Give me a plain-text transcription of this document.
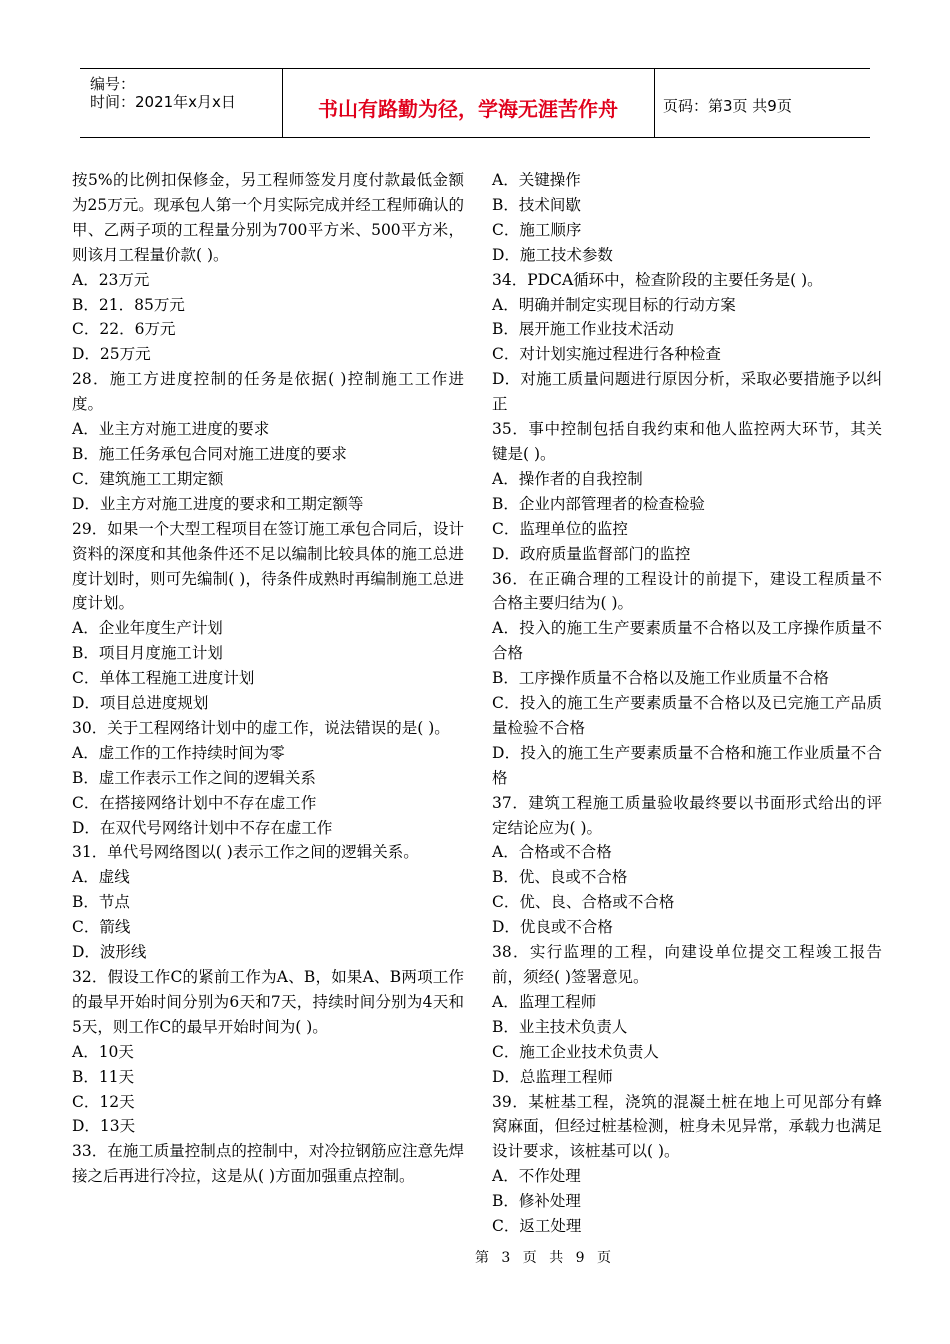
编号：
时间：2021年x月x日	书山有路勤为径，学海无涯苦作舟	页码：第3页 共9页

按5%的比例扣保修金，另工程师签发月度付款最低金额为25万元。现承包人第一个月实际完成并经工程师确认的甲、乙两子项的工程量分别为700平方米、500平方米，则该月工程量价款( )。

A．23万元

B．21．85万元

C．22．6万元

D．25万元

28．施工方进度控制的任务是依据( )控制施工工作进度。

A．业主方对施工进度的要求

B．施工任务承包合同对施工进度的要求

C．建筑施工工期定额

D．业主方对施工进度的要求和工期定额等

29．如果一个大型工程项目在签订施工承包合同后，设计资料的深度和其他条件还不足以编制比较具体的施工总进度计划时，则可先编制( )，待条件成熟时再编制施工总进度计划。

A．企业年度生产计划

B．项目月度施工计划

C．单体工程施工进度计划

D．项目总进度规划

30．关于工程网络计划中的虚工作，说法错误的是( )。

A．虚工作的工作持续时间为零

B．虚工作表示工作之间的逻辑关系

C．在搭接网络计划中不存在虚工作

D．在双代号网络计划中不存在虚工作

31．单代号网络图以( )表示工作之间的逻辑关系。

A．虚线

B．节点

C．箭线

D．波形线

32．假设工作C的紧前工作为A、B，如果A、B两项工作的最早开始时间分别为6天和7天，持续时间分别为4天和5天，则工作C的最早开始时间为( )。

A．10天

B．11天

C．12天

D．13天

33．在施工质量控制点的控制中，对冷拉钢筋应注意先焊接之后再进行冷拉，这是从( )方面加强重点控制。

A．关键操作

B．技术间歇

C．施工顺序

D．施工技术参数

34．PDCA循环中，检查阶段的主要任务是( )。

A．明确并制定实现目标的行动方案

B．展开施工作业技术活动

C．对计划实施过程进行各种检查

D．对施工质量问题进行原因分析，采取必要措施予以纠正

35．事中控制包括自我约束和他人监控两大环节，其关键是( )。

A．操作者的自我控制

B．企业内部管理者的检查检验

C．监理单位的监控

D．政府质量监督部门的监控

36．在正确合理的工程设计的前提下，建设工程质量不合格主要归结为( )。

A．投入的施工生产要素质量不合格以及工序操作质量不合格

B．工序操作质量不合格以及施工作业质量不合格

C．投入的施工生产要素质量不合格以及已完施工产品质量检验不合格

D．投入的施工生产要素质量不合格和施工作业质量不合格

37．建筑工程施工质量验收最终要以书面形式给出的评定结论应为( )。

A．合格或不合格

B．优、良或不合格

C．优、良、合格或不合格

D．优良或不合格

38．实行监理的工程，向建设单位提交工程竣工报告前，须经( )签署意见。

A．监理工程师

B．业主技术负责人

C．施工企业技术负责人

D．总监理工程师

39．某桩基工程，浇筑的混凝土桩在地上可见部分有蜂窝麻面，但经过桩基检测，桩身未见异常，承载力也满足设计要求，该桩基可以( )。

A．不作处理

B．修补处理

C．返工处理

第 3 页 共 9 页
